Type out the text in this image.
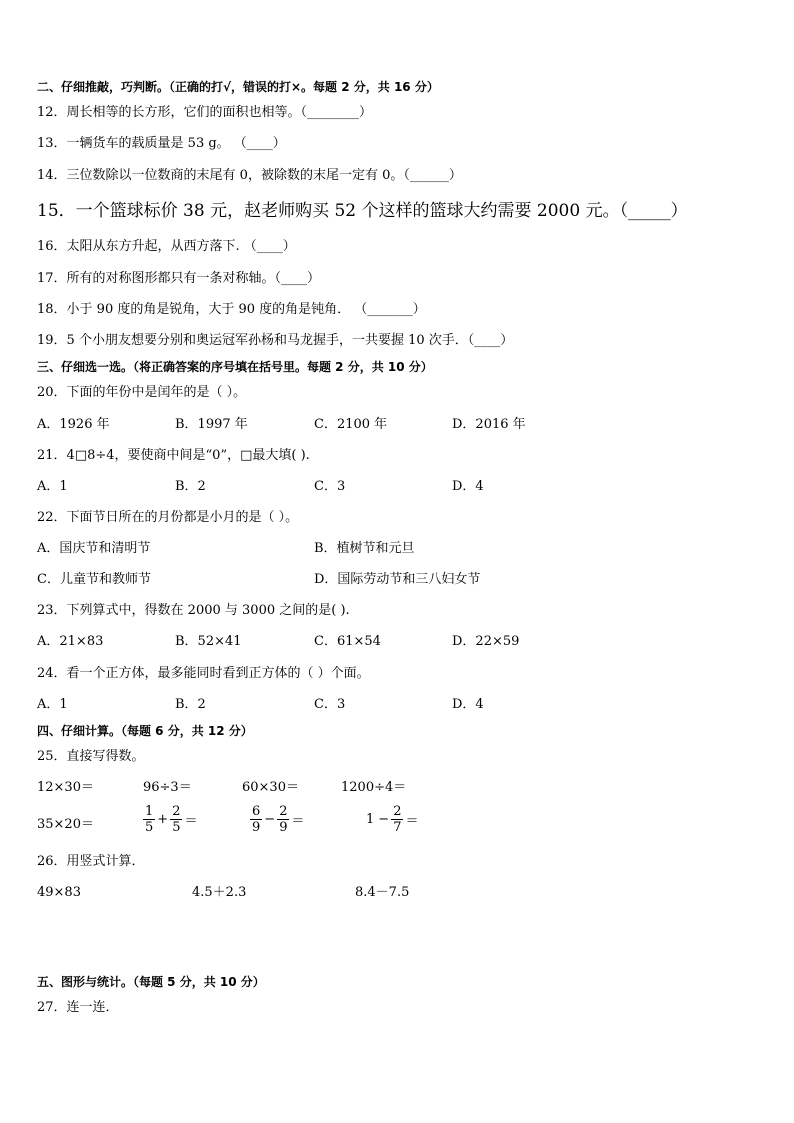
二、仔细推敲，巧判断。（正确的打√，错误的打×。每题 2 分，共 16 分）
12．周长相等的长方形，它们的面积也相等。（________）
13．一辆货车的载质量是 53 g。 （____）
14．三位数除以一位数商的末尾有 0，被除数的末尾一定有 0。（______）
15．一个篮球标价 38 元，赵老师购买 52 个这样的篮球大约需要 2000 元。（_____）
16．太阳从东方升起，从西方落下. （____）
17．所有的对称图形都只有一条对称轴。（____）
18．小于 90 度的角是锐角，大于 90 度的角是钝角． （_______）
19．5 个小朋友想要分别和奥运冠军孙杨和马龙握手，一共要握 10 次手．（____）
三、仔细选一选。（将正确答案的序号填在括号里。每题 2 分，共 10 分）
20．下面的年份中是闰年的是（ ）。
A．1926 年	B．1997 年	C．2100 年	D．2016 年
21．4□8÷4，要使商中间是“0”，□最大填( ).
A．1	B．2	C．3	D．4
22．下面节日所在的月份都是小月的是（ ）。
A．国庆节和清明节	B．植树节和元旦
C．儿童节和教师节	D．国际劳动节和三八妇女节
23．下列算式中，得数在 2000 与 3000 之间的是( ).
A．21×83	B．52×41	C．61×54	D．22×59
24．看一个正方体，最多能同时看到正方体的（ ）个面。
A．1	B．2	C．3	D．4
四、仔细计算。（每题 6 分，共 12 分）
25．直接写得数。
12×30＝	96÷3＝	60×30＝	1200÷4＝
35×20＝	$\frac{1}{5} + \frac{2}{5}$ ＝	$\frac{6}{9} - \frac{2}{9}$ ＝	$1 - \frac{2}{7}$ ＝
26．用竖式计算．
49×83	4.5＋2.3	8.4－7.5
五、图形与统计。（每题 5 分，共 10 分）
27．连一连．
